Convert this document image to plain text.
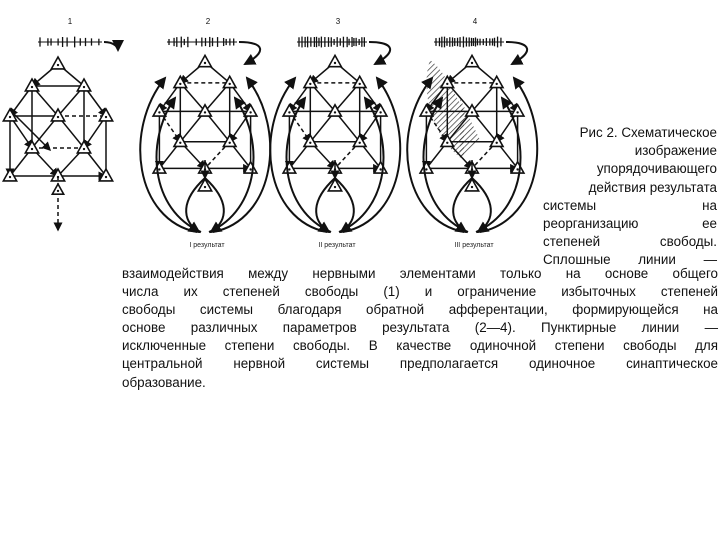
1	2
I результат
3
II результат
4
III результат
Рис 2. Схематическое
изображение
упорядочивающего
действия результата
системы на
реорганизацию ее
степеней свободы.
Сплошные линии —
взаимодействия между нервными элементами только на основе общего
числа их степеней свободы (1) и ограничение избыточных степеней
свободы системы благодаря обратной афферентации, формирующейся на
основе различных параметров результата (2—4). Пунктирные линии —
исключенные степени свободы. В качестве одиночной степени свободы для
центральной нервной системы предполагается одиночное синаптическое
образование.
